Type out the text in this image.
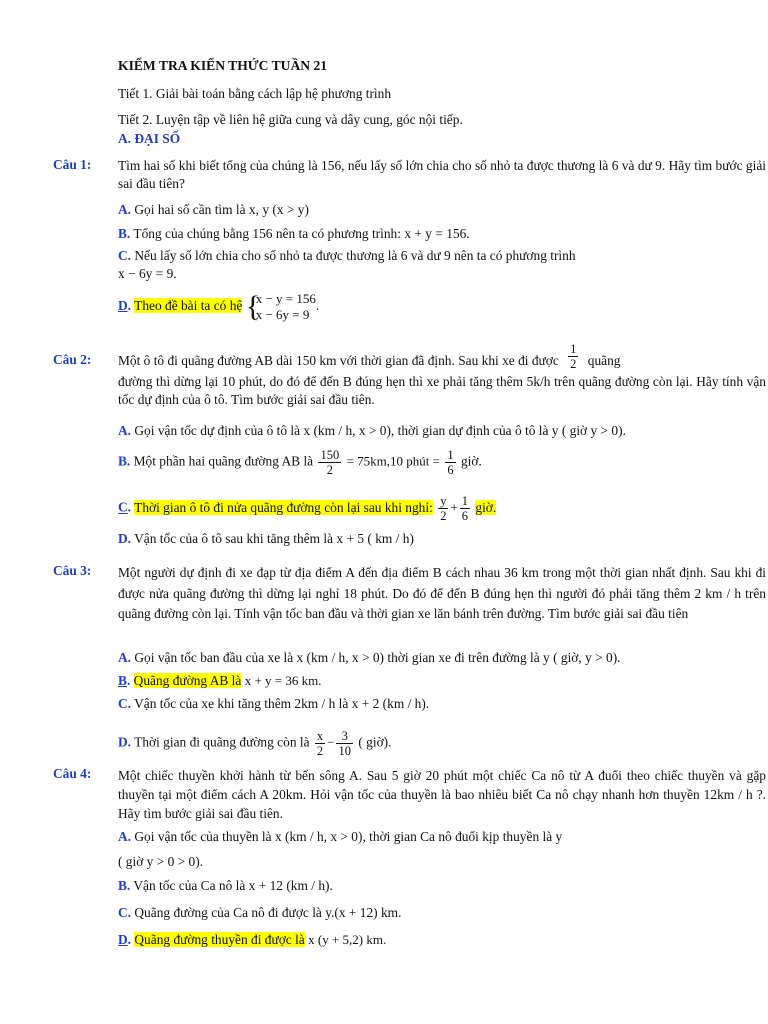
KIỂM TRA KIẾN THỨC TUẦN 21
Tiết 1. Giải bài toán bằng cách lập hệ phương trình
Tiết 2. Luyện tập về liên hệ giữa cung và dây cung, góc nội tiếp.
A. ĐẠI SỐ
Câu 1: Tìm hai số khi biết tổng của chúng là 156, nếu lấy số lớn chia cho số nhỏ ta được thương là 6 và dư 9. Hãy tìm bước giải sai đầu tiên?
A. Gọi hai số cần tìm là x, y (x > y)
B. Tổng của chúng bằng 156 nên ta có phương trình: x + y = 156.
C. Nếu lấy số lớn chia cho số nhỏ ta được thương là 6 và dư 9 nên ta có phương trình
x − 6y = 9.
D. Theo đề bài ta có hệ {
x − y = 156
x − 6y = 9
.
Câu 2: Một ô tô đi quãng đường AB dài 150 km với thời gian đã định. Sau khi xe đi được $\frac{1}{2}$ quãng
đường thì dừng lại 10 phút, do đó để đến B đúng hẹn thì xe phải tăng thêm 5k/h trên quãng đường còn lại. Hãy tính vận tốc dự định của ô tô. Tìm bước giải sai đầu tiên.
A. Gọi vận tốc dự định của ô tô là x (km / h, x > 0), thời gian dự định của ô tô là y ( giờ y > 0).
B. Một phần hai quãng đường AB là $\frac{150}{2} = 75km,10$ phút = $\frac{1}{6}$ giờ.
C. Thời gian ô tô đi nửa quãng đường còn lại sau khi nghỉ: $\frac{y}{2} + \frac{1}{6}$ giờ.
D. Vận tốc của ô tô sau khi tăng thêm là x + 5 ( km / h)
Câu 3: Một người dự định đi xe đạp từ địa điểm A đến địa điểm B cách nhau 36 km trong một thời gian nhất định. Sau khi đi được nửa quãng đường thì dừng lại nghỉ 18 phút. Do đó để đến B đúng hẹn thì người đó phải tăng thêm 2 km / h trên quãng đường còn lại. Tính vận tốc ban đầu và thời gian xe lăn bánh trên đường. Tìm bước giải sai đầu tiên
A. Gọi vận tốc ban đầu của xe là x (km / h, x > 0) thời gian xe đi trên đường là y ( giờ, y > 0).
B. Quãng đường AB là x + y = 36 km.
C. Vận tốc của xe khi tăng thêm 2km / h là x + 2 (km / h).
D. Thời gian đi quãng đường còn là $\frac{x}{2} - \frac{3}{10}$ ( giờ).
Câu 4: Một chiếc thuyền khởi hành từ bến sông A. Sau 5 giờ 20 phút một chiếc Ca nô từ A đuổi theo chiếc thuyền và gặp thuyền tại một điểm cách A 20km. Hỏi vận tốc của thuyền là bao nhiêu biết Ca nô chạy nhanh hơn thuyền 12km / h ?. Hãy tìm bước giải sai đầu tiên.
A. Gọi vận tốc của thuyền là x (km / h, x > 0), thời gian Ca nô đuổi kịp thuyền là y
( giờ y > 0 > 0).
B. Vận tốc của Ca nô là x + 12 (km / h).
C. Quãng đường của Ca nô đi được là y.(x + 12) km.
D. Quãng đường thuyền đi được là x (y + 5,2) km.
